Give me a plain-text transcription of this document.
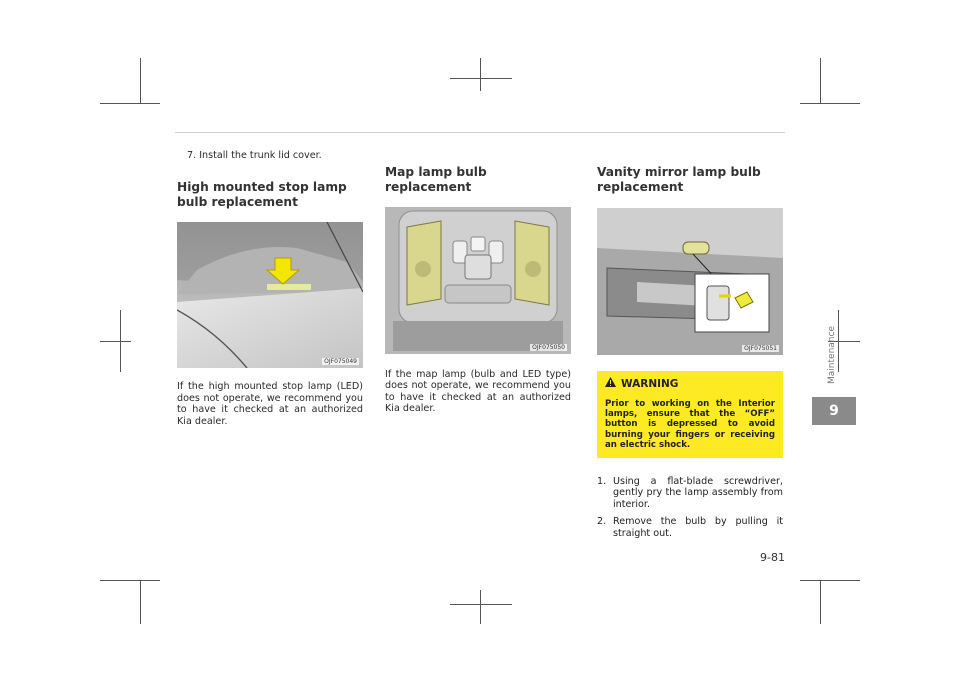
7. Install the trunk lid cover.

High mounted stop lamp bulb replacement
OJF075049

If the high mounted stop lamp (LED) does not operate, we recommend you to have it checked at an authorized Kia dealer.

Map lamp bulb replacement
OJF075050

If the map lamp (bulb and LED type) does not operate, we recommend you to have it checked at an authorized Kia dealer.

Vanity mirror lamp bulb replacement
OJF075051
WARNING
Prior to working on the Interior lamps, ensure that the “OFF” button is depressed to avoid burning your fingers or receiving an electric shock.
1. Using a flat-blade screwdriver, gently pry the lamp assembly from interior.
2. Remove the bulb by pulling it straight out.
Maintenance
9
9-81
